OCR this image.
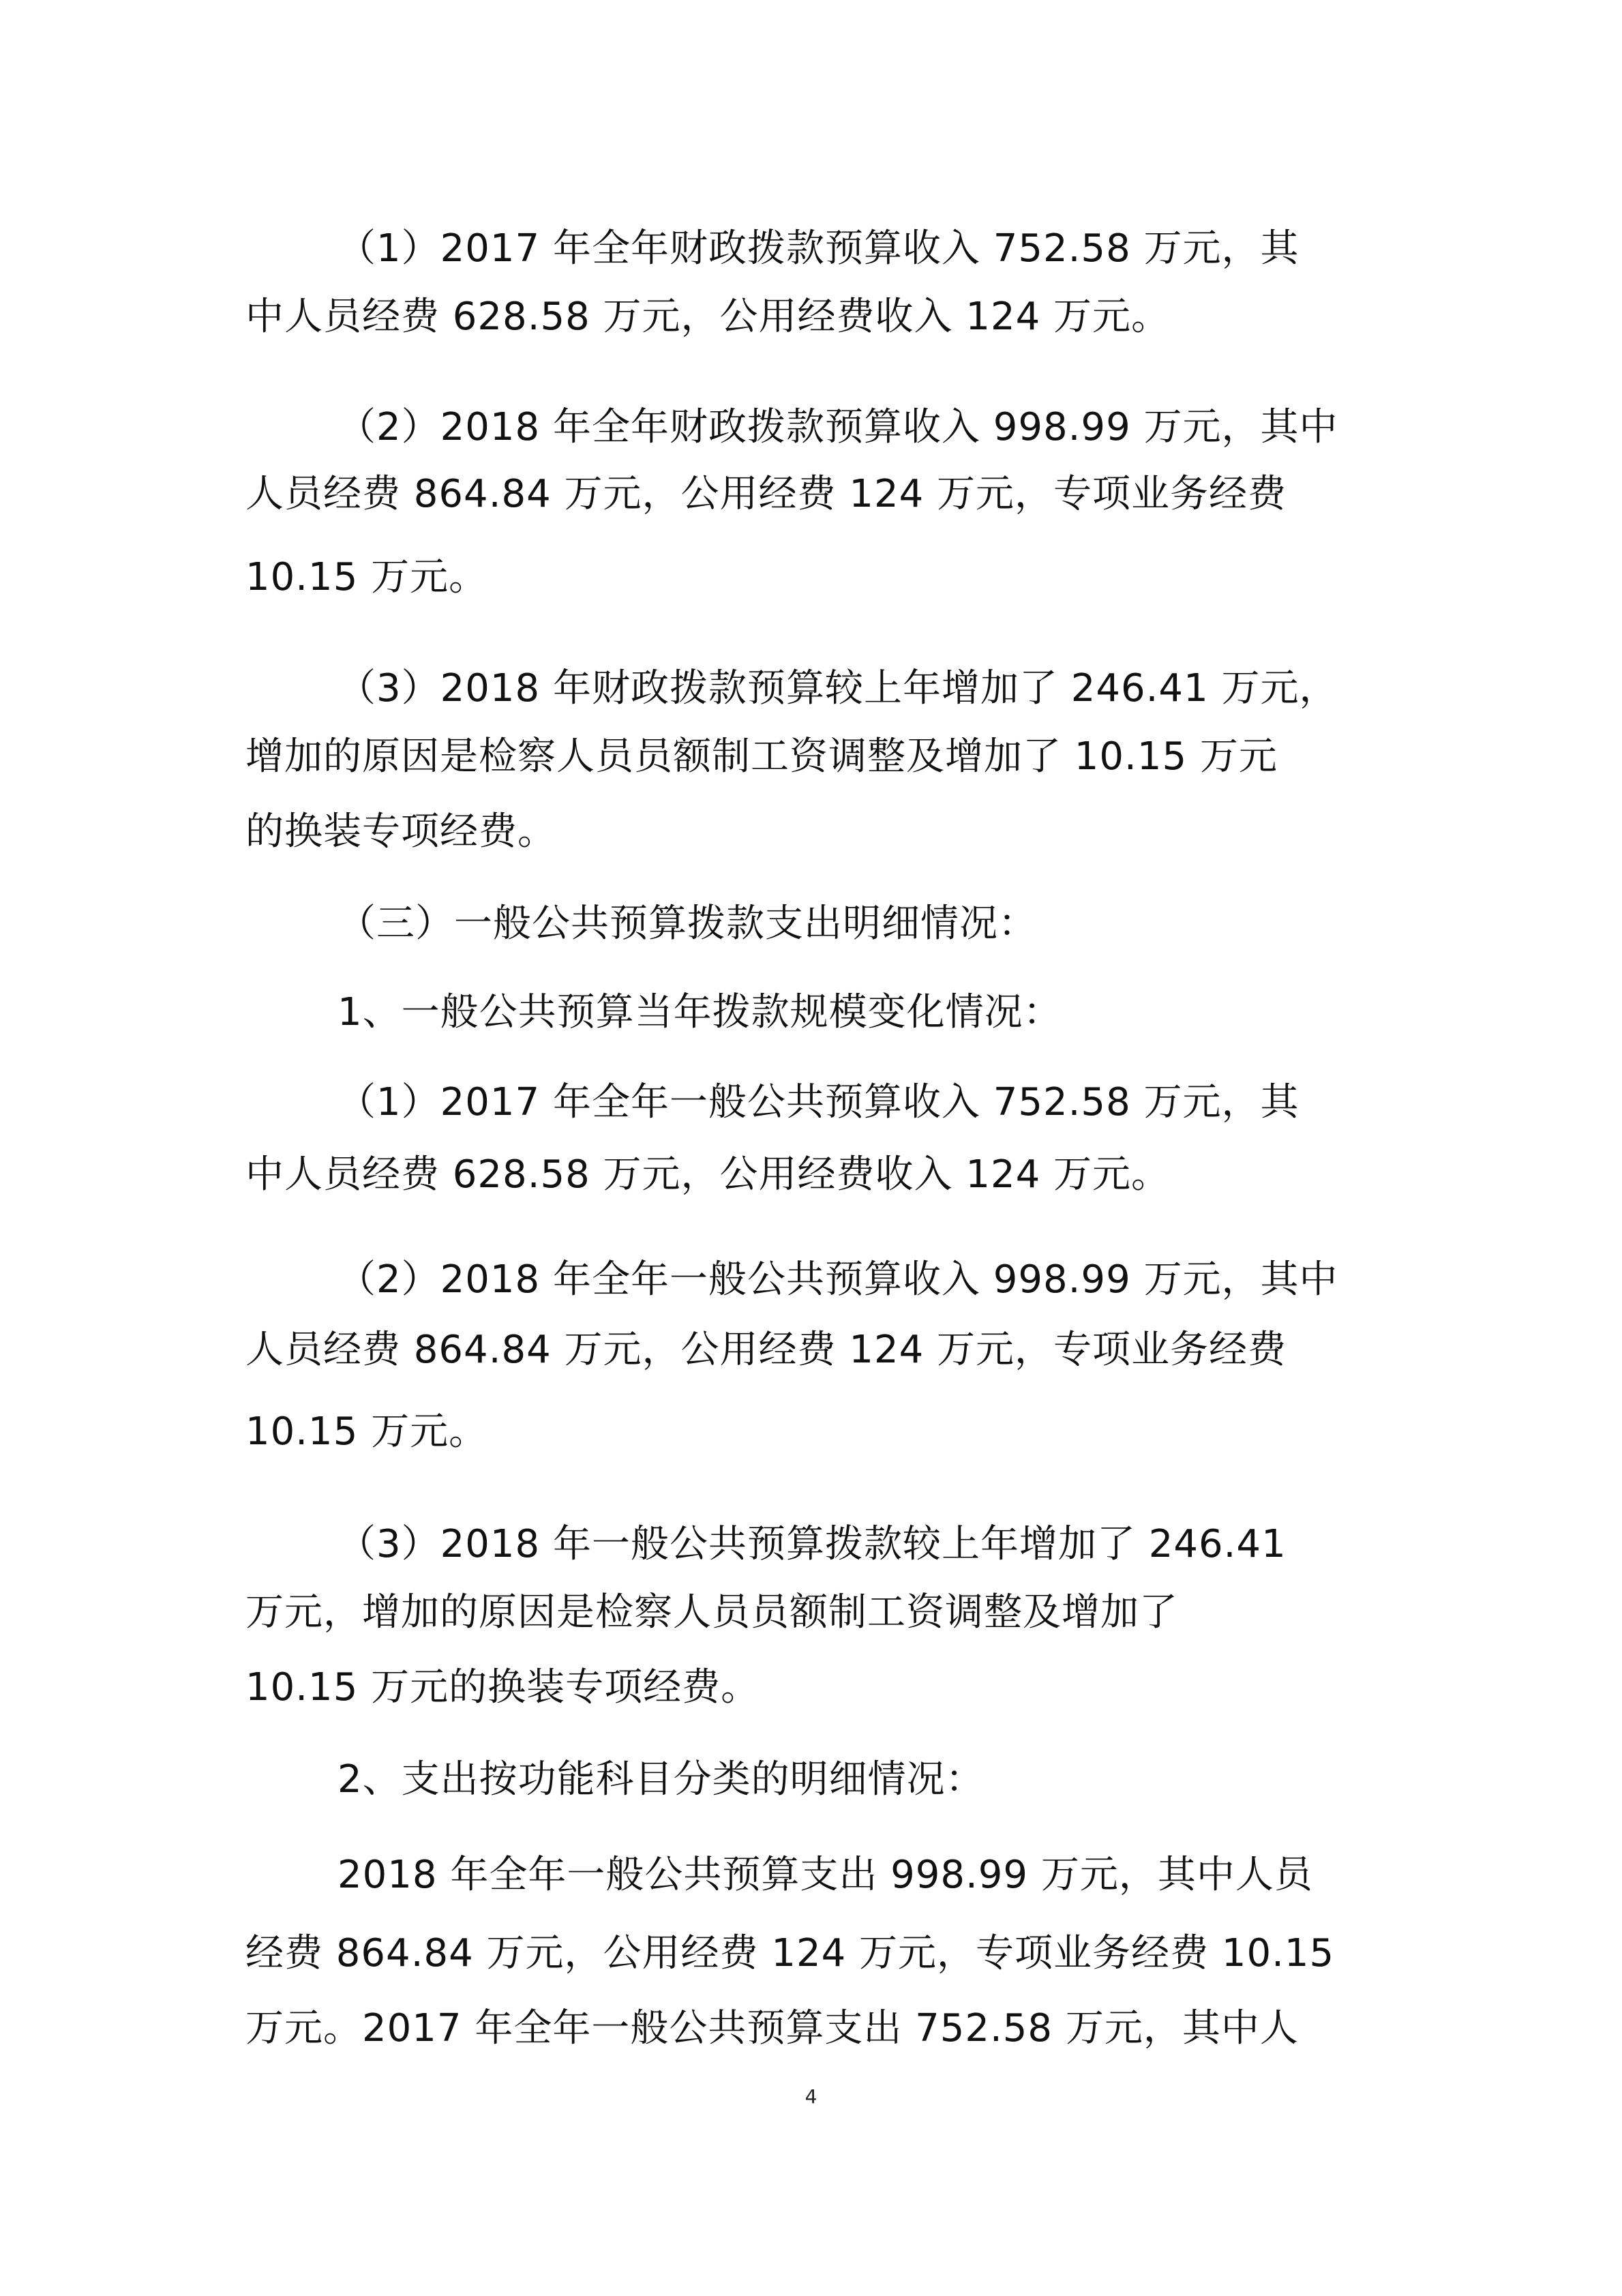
（1）2017 年全年财政拨款预算收入 752.58 万元，其
中人员经费 628.58 万元，公用经费收入 124 万元。
（2）2018 年全年财政拨款预算收入 998.99 万元，其中
人员经费 864.84 万元，公用经费 124 万元，专项业务经费
10.15 万元。
（3）2018 年财政拨款预算较上年增加了 246.41 万元，
增加的原因是检察人员员额制工资调整及增加了 10.15 万元
的换装专项经费。
（三）一般公共预算拨款支出明细情况：
1、一般公共预算当年拨款规模变化情况：
（1）2017 年全年一般公共预算收入 752.58 万元，其
中人员经费 628.58 万元，公用经费收入 124 万元。
（2）2018 年全年一般公共预算收入 998.99 万元，其中
人员经费 864.84 万元，公用经费 124 万元，专项业务经费
10.15 万元。
（3）2018 年一般公共预算拨款较上年增加了 246.41
万元，增加的原因是检察人员员额制工资调整及增加了
10.15 万元的换装专项经费。
2、支出按功能科目分类的明细情况：
2018 年全年一般公共预算支出 998.99 万元，其中人员
经费 864.84 万元，公用经费 124 万元，专项业务经费 10.15
万元。2017 年全年一般公共预算支出 752.58 万元，其中人
4
